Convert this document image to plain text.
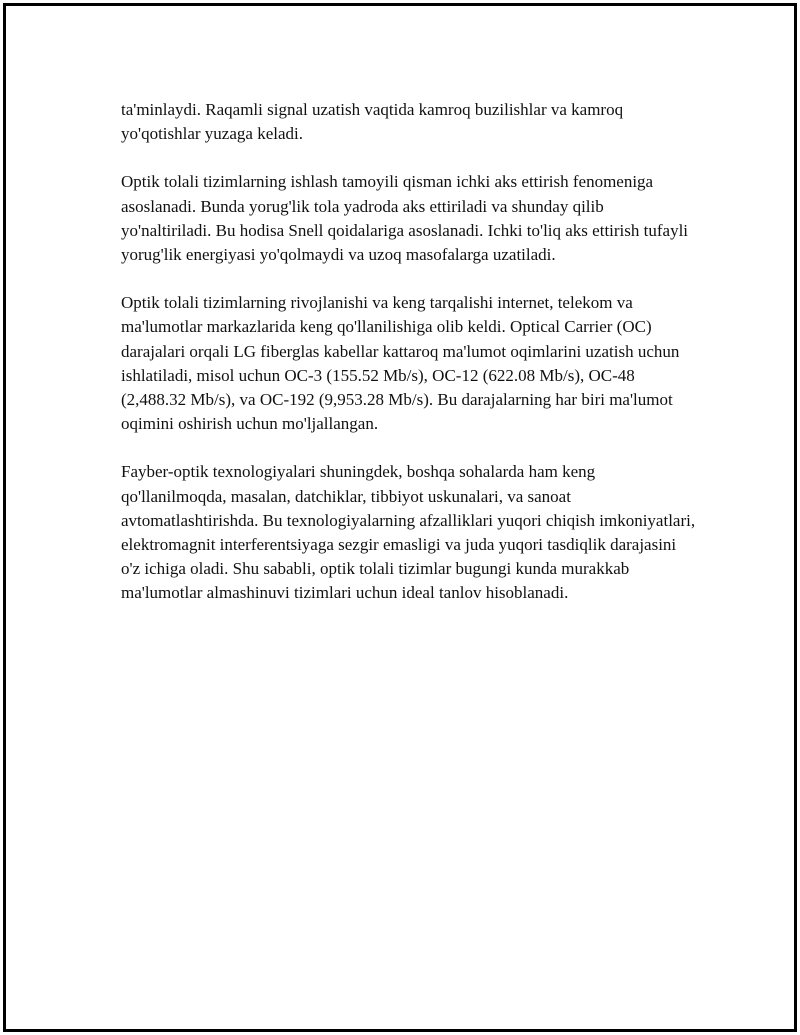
ta'minlaydi. Raqamli signal uzatish vaqtida kamroq buzilishlar va kamroq yo'qotishlar yuzaga keladi.

Optik tolali tizimlarning ishlash tamoyili qisman ichki aks ettirish fenomeniga asoslanadi. Bunda yorug'lik tola yadroda aks ettiriladi va shunday qilib yo'naltiriladi. Bu hodisa Snell qoidalariga asoslanadi. Ichki to'liq aks ettirish tufayli yorug'lik energiyasi yo'qolmaydi va uzoq masofalarga uzatiladi.

Optik tolali tizimlarning rivojlanishi va keng tarqalishi internet, telekom va ma'lumotlar markazlarida keng qo'llanilishiga olib keldi. Optical Carrier (OC) darajalari orqali LG fiberglas kabellar kattaroq ma'lumot oqimlarini uzatish uchun ishlatiladi, misol uchun OC-3 (155.52 Mb/s), OC-12 (622.08 Mb/s), OC-48 (2,488.32 Mb/s), va OC-192 (9,953.28 Mb/s). Bu darajalarning har biri ma'lumot oqimini oshirish uchun mo'ljallangan.

Fayber-optik texnologiyalari shuningdek, boshqa sohalarda ham keng qo'llanilmoqda, masalan, datchiklar, tibbiyot uskunalari, va sanoat avtomatlashtirishda. Bu texnologiyalarning afzalliklari yuqori chiqish imkoniyatlari, elektromagnit interferentsiyaga sezgir emasligi va juda yuqori tasdiqlik darajasini o'z ichiga oladi. Shu sababli, optik tolali tizimlar bugungi kunda murakkab ma'lumotlar almashinuvi tizimlari uchun ideal tanlov hisoblanadi.
